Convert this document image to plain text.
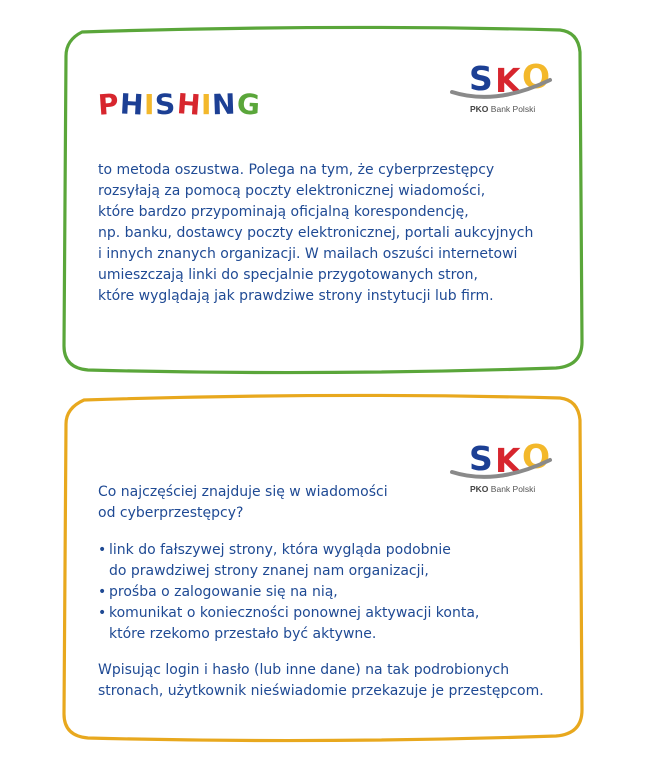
S K O
PKO Bank Polski
PHISHING
to metoda oszustwa. Polega na tym, że cyberprzestępcy
rozsyłają za pomocą poczty elektronicznej wiadomości,
które bardzo przypominają oficjalną korespondencję,
np. banku, dostawcy poczty elektronicznej, portali aukcyjnych
i innych znanych organizacji. W mailach oszuści internetowi
umieszczają linki do specjalnie przygotowanych stron,
które wyglądają jak prawdziwe strony instytucji lub firm.
S K O
PKO Bank Polski
Co najczęściej znajduje się w wiadomości
od cyberprzestępcy?
• link do fałszywej strony, która wygląda podobnie
do prawdziwej strony znanej nam organizacji,
• prośba o zalogowanie się na nią,
• komunikat o konieczności ponownej aktywacji konta,
które rzekomo przestało być aktywne.
Wpisując login i hasło (lub inne dane) na tak podrobionych
stronach, użytkownik nieświadomie przekazuje je przestępcom.
